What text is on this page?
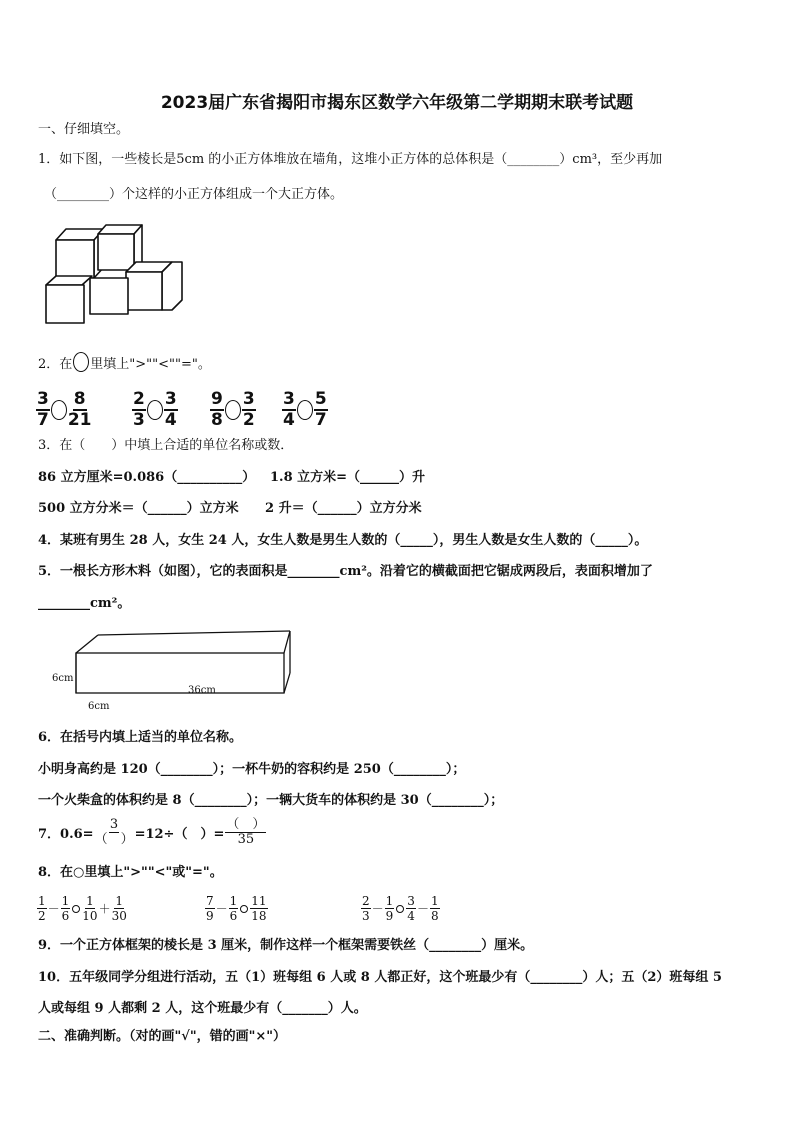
2023届广东省揭阳市揭东区数学六年级第二学期期末联考试题
一、仔细填空。
1．如下图，一些棱长是5cm 的小正方体堆放在墙角，这堆小正方体的总体积是（________）cm³，至少再加
（________）个这样的小正方体组成一个大正方体。
2．在 里填上">""<""="。
3
7
8
21
2
3
3
4
9
8
3
2
3
4
5
7
3．在（　　）中填上合适的单位名称或数．
86 立方厘米=0.086（__________） 1.8 立方米=（______）升
500 立方分米＝（______）立方米 2 升＝（______）立方分米
4．某班有男生 28 人，女生 24 人，女生人数是男生人数的（_____），男生人数是女生人数的（_____）。
5．一根长方形木料（如图），它的表面积是________cm²。沿着它的横截面把它锯成两段后，表面积增加了
________cm²。
6cm
6cm
36cm
6．在括号内填上适当的单位名称。
小明身高约是 120（________）；一杯牛奶的容积约是 250（________）；
一个火柴盒的体积约是 8（________）；一辆大货车的体积约是 30（________）；
7．$0.6= \frac{3}{( )} =12\div$（　）= $\frac{( )}{35}$
8．在○里填上">""<"或"="。
$\frac{1}{2} - \frac{1}{6} \frac{1}{10} + \frac{1}{30}$	$\frac{7}{9} - \frac{1}{6} \frac{11}{18}$	$\frac{2}{3} - \frac{1}{9} \frac{3}{4} - \frac{1}{8}$
9．一个正方体框架的棱长是 3 厘米，制作这样一个框架需要铁丝（________）厘米。
10．五年级同学分组进行活动，五（1）班每组 6 人或 8 人都正好，这个班最少有（________）人；五（2）班每组 5
人或每组 9 人都剩 2 人，这个班最少有（_______）人。
二、准确判断。（对的画"√"，错的画"×"）
